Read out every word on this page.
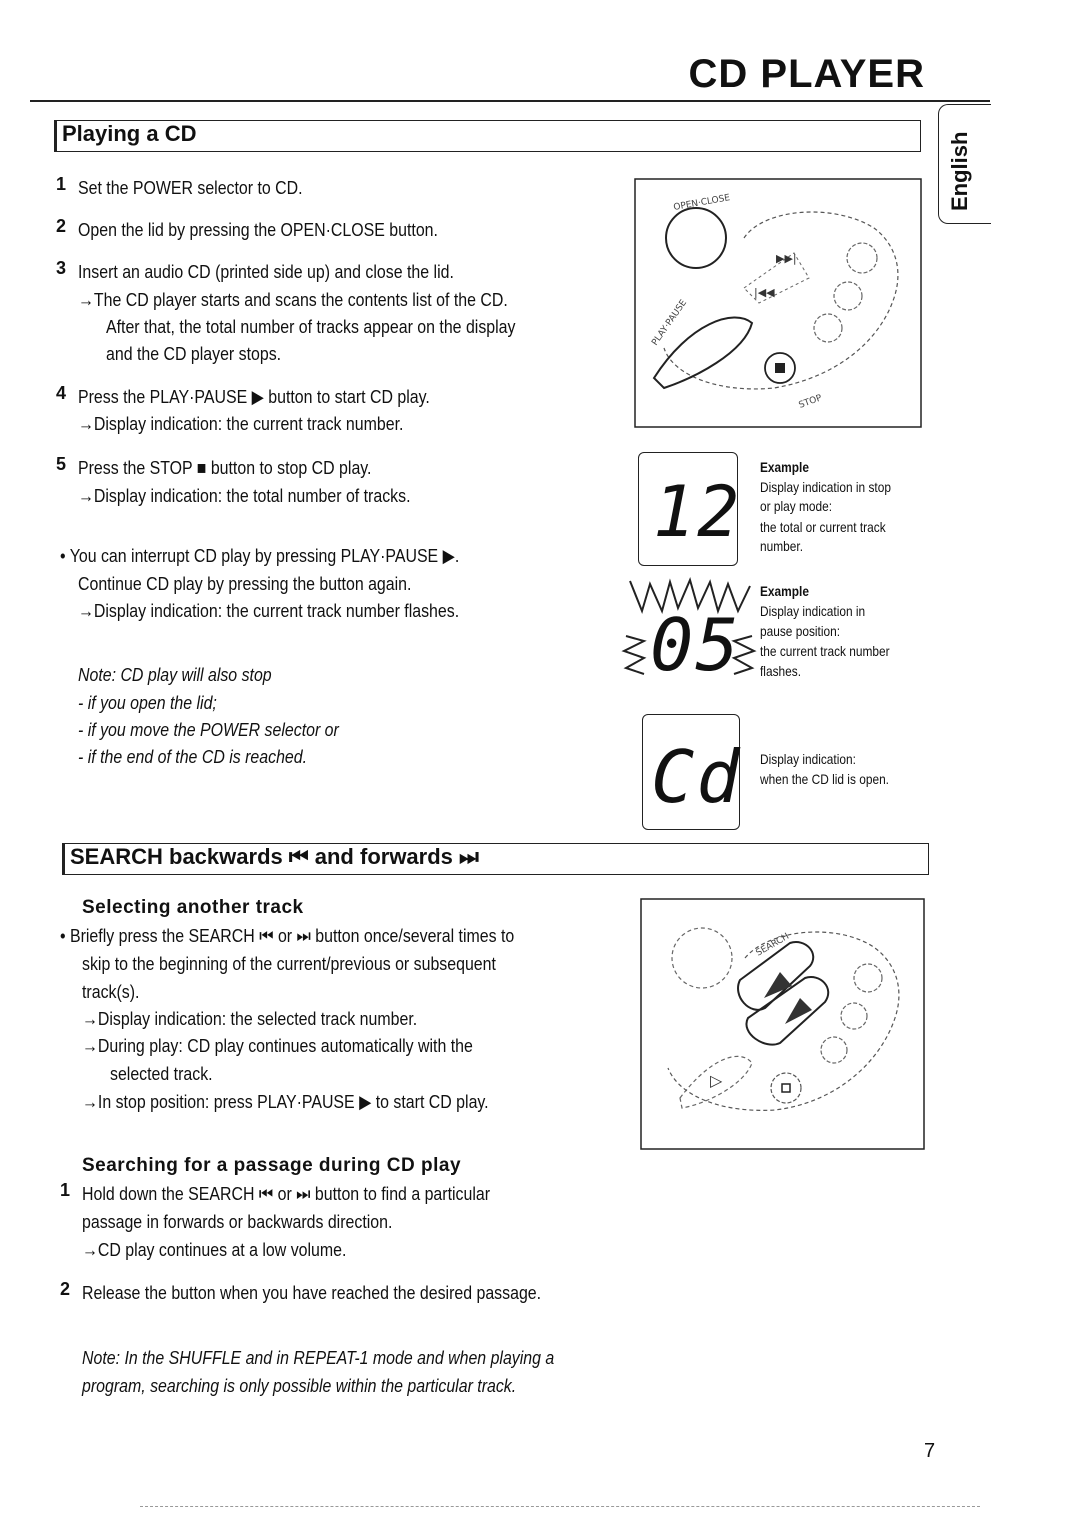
CD PLAYER
English
Playing a CD
1 Set the POWER selector to CD.
2 Open the lid by pressing the OPEN·CLOSE button.
3 Insert an audio CD (printed side up) and close the lid.
→The CD player starts and scans the contents list of the CD.
After that, the total number of tracks appear on the display
and the CD player stops.
4 Press the PLAY·PAUSE ▶ button to start CD play.
→Display indication: the current track number.
5 Press the STOP ■ button to stop CD play.
→Display indication: the total number of tracks.
• You can interrupt CD play by pressing PLAY·PAUSE ▶.
Continue CD play by pressing the button again.
→Display indication: the current track number flashes.
Note: CD play will also stop
- if you open the lid;
- if you move the POWER selector or
- if the end of the CD is reached.
▶▶|
|◀◀
OPEN·CLOSE
PLAY·PAUSE
STOP
12
Example
Display indication in stop
or play mode:
the total or current track
number.
05
Example
Display indication in
pause position:
the current track number
flashes.
Cd Display indication:
when the CD lid is open.
SEARCH backwards ⏮ and forwards ⏭
Selecting another track
• Briefly press the SEARCH ⏮ or ⏭ button once/several times to
skip to the beginning of the current/previous or subsequent
track(s).
→Display indication: the selected track number.
→During play: CD play continues automatically with the
selected track.
→In stop position: press PLAY·PAUSE ▶ to start CD play.
▷
SEARCH
Searching for a passage during CD play
1 Hold down the SEARCH ⏮ or ⏭ button to find a particular
passage in forwards or backwards direction.
→CD play continues at a low volume.
2 Release the button when you have reached the desired passage.
Note: In the SHUFFLE and in REPEAT-1 mode and when playing a
program, searching is only possible within the particular track.
7
